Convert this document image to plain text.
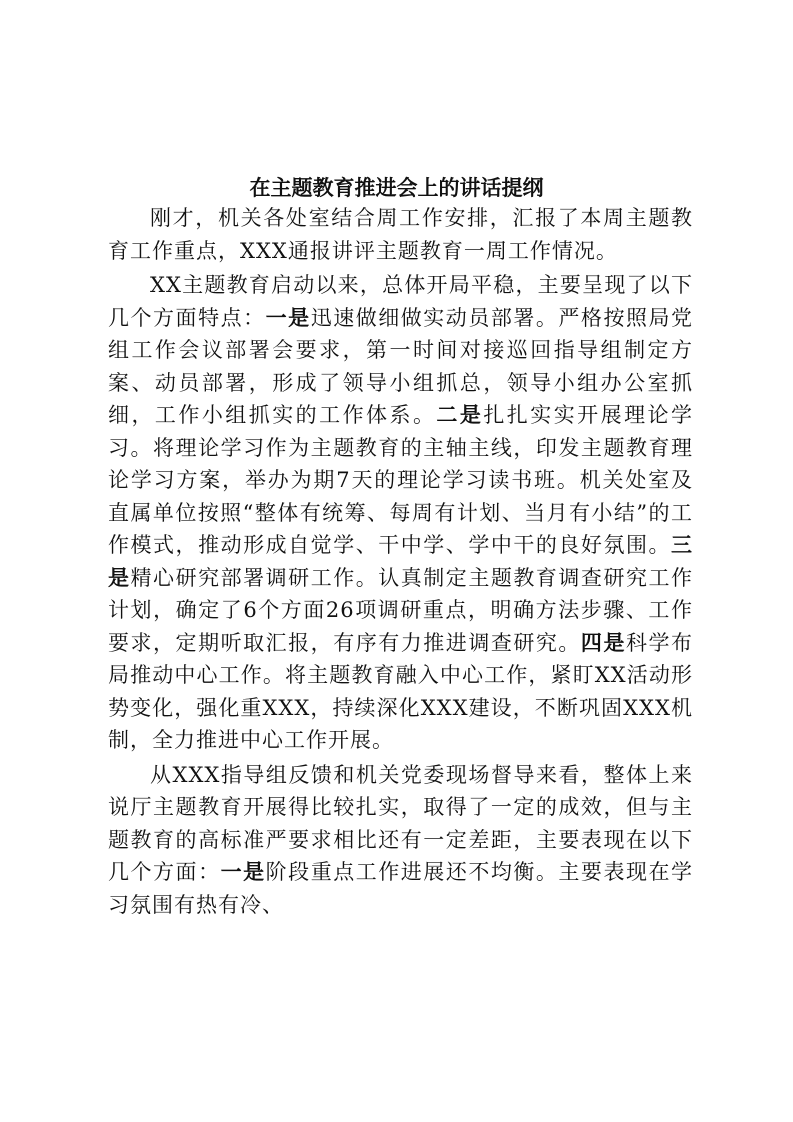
在主题教育推进会上的讲话提纲

刚才，机关各处室结合周工作安排，汇报了本周主题教育工作重点，XXX通报讲评主题教育一周工作情况。

XX主题教育启动以来，总体开局平稳，主要呈现了以下几个方面特点：一是迅速做细做实动员部署。严格按照局党组工作会议部署会要求，第一时间对接巡回指导组制定方案、动员部署，形成了领导小组抓总，领导小组办公室抓细，工作小组抓实的工作体系。二是扎扎实实开展理论学习。将理论学习作为主题教育的主轴主线，印发主题教育理论学习方案，举办为期7天的理论学习读书班。机关处室及直属单位按照“整体有统筹、每周有计划、当月有小结”的工作模式，推动形成自觉学、干中学、学中干的良好氛围。三是精心研究部署调研工作。认真制定主题教育调查研究工作计划，确定了6个方面26项调研重点，明确方法步骤、工作要求，定期听取汇报，有序有力推进调查研究。四是科学布局推动中心工作。将主题教育融入中心工作，紧盯XX活动形势变化，强化重XXX，持续深化XXX建设，不断巩固XXX机制，全力推进中心工作开展。

从XXX指导组反馈和机关党委现场督导来看，整体上来说厅主题教育开展得比较扎实，取得了一定的成效，但与主题教育的高标准严要求相比还有一定差距，主要表现在以下几个方面：一是阶段重点工作进展还不均衡。主要表现在学习氛围有热有冷、
